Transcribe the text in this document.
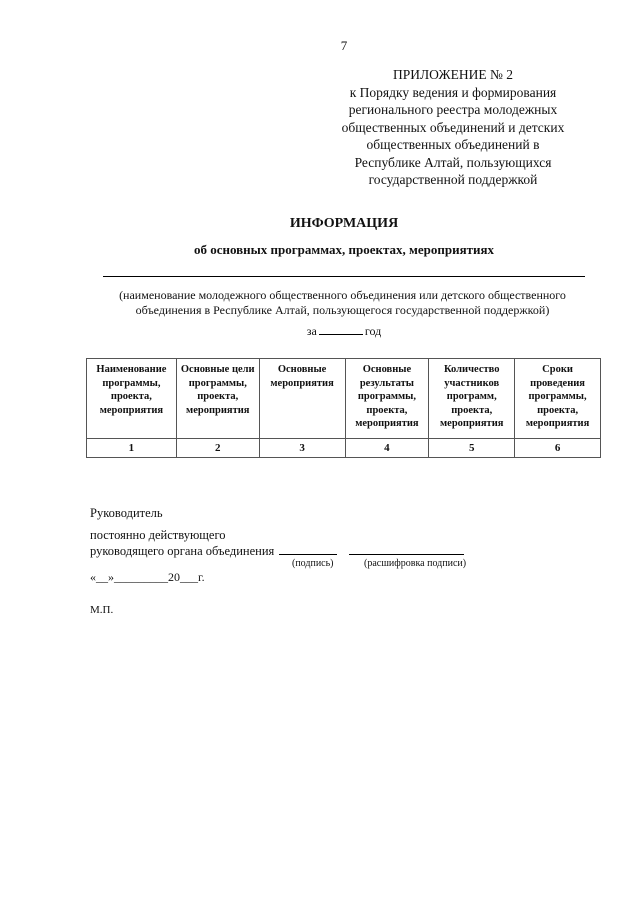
7
ПРИЛОЖЕНИЕ № 2
к Порядку ведения и формирования
регионального реестра молодежных
общественных объединений и детских
общественных объединений в
Республике Алтай, пользующихся
государственной поддержкой
ИНФОРМАЦИЯ
об основных программах, проектах, мероприятиях
(наименование молодежного общественного объединения или детского общественного объединения в Республике Алтай, пользующегося государственной поддержкой)
за	год
Наименование программы, проекта, мероприятия	Основные цели программы, проекта, мероприятия	Основные мероприятия	Основные результаты программы, проекта, мероприятия	Количество участников программ, проекта, мероприятия	Сроки проведения программы, проекта, мероприятия
1	2	3	4	5	6
Руководитель
постоянно действующего
руководящего органа объединения
(подпись)	(расшифровка подписи)
«__»_________20___г.
М.П.
